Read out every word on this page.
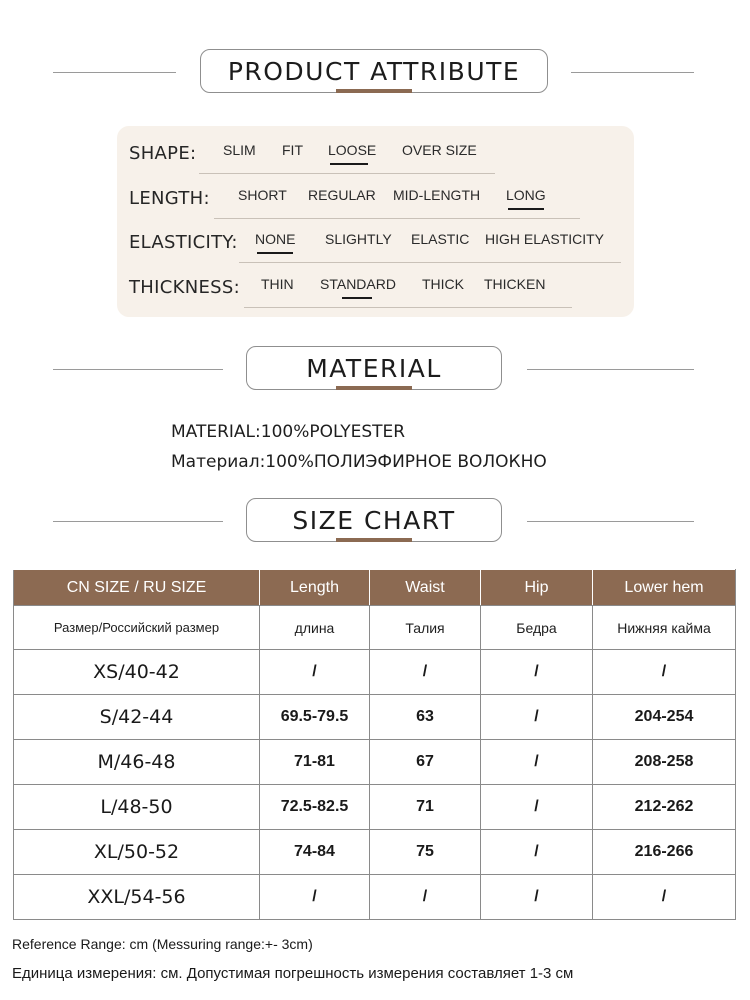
PRODUCT ATTRIBUTE
SHAPE: SLIM FIT LOOSE OVER SIZE
LENGTH: SHORT REGULAR MID-LENGTH LONG
ELASTICITY: NONE SLIGHTLY ELASTIC HIGH ELASTICITY
THICKNESS: THIN STANDARD THICK THICKEN
MATERIAL
MATERIAL:100%POLYESTER
Материал:100%ПОЛИЭФИРНОЕ ВОЛОКНО
SIZE CHART
CN SIZE / RU SIZE	Length	Waist	Hip	Lower hem
Размер/Российский размер	длина	Талия	Бедра	Нижняя кайма
XS/40-42	/	/	/	/
S/42-44	69.5-79.5	63	/	204-254
M/46-48	71-81	67	/	208-258
L/48-50	72.5-82.5	71	/	212-262
XL/50-52	74-84	75	/	216-266
XXL/54-56	/	/	/	/
Reference Range: cm (Messuring range:+- 3cm)
Единица измерения: см. Допустимая погрешность измерения составляет 1-3 см
